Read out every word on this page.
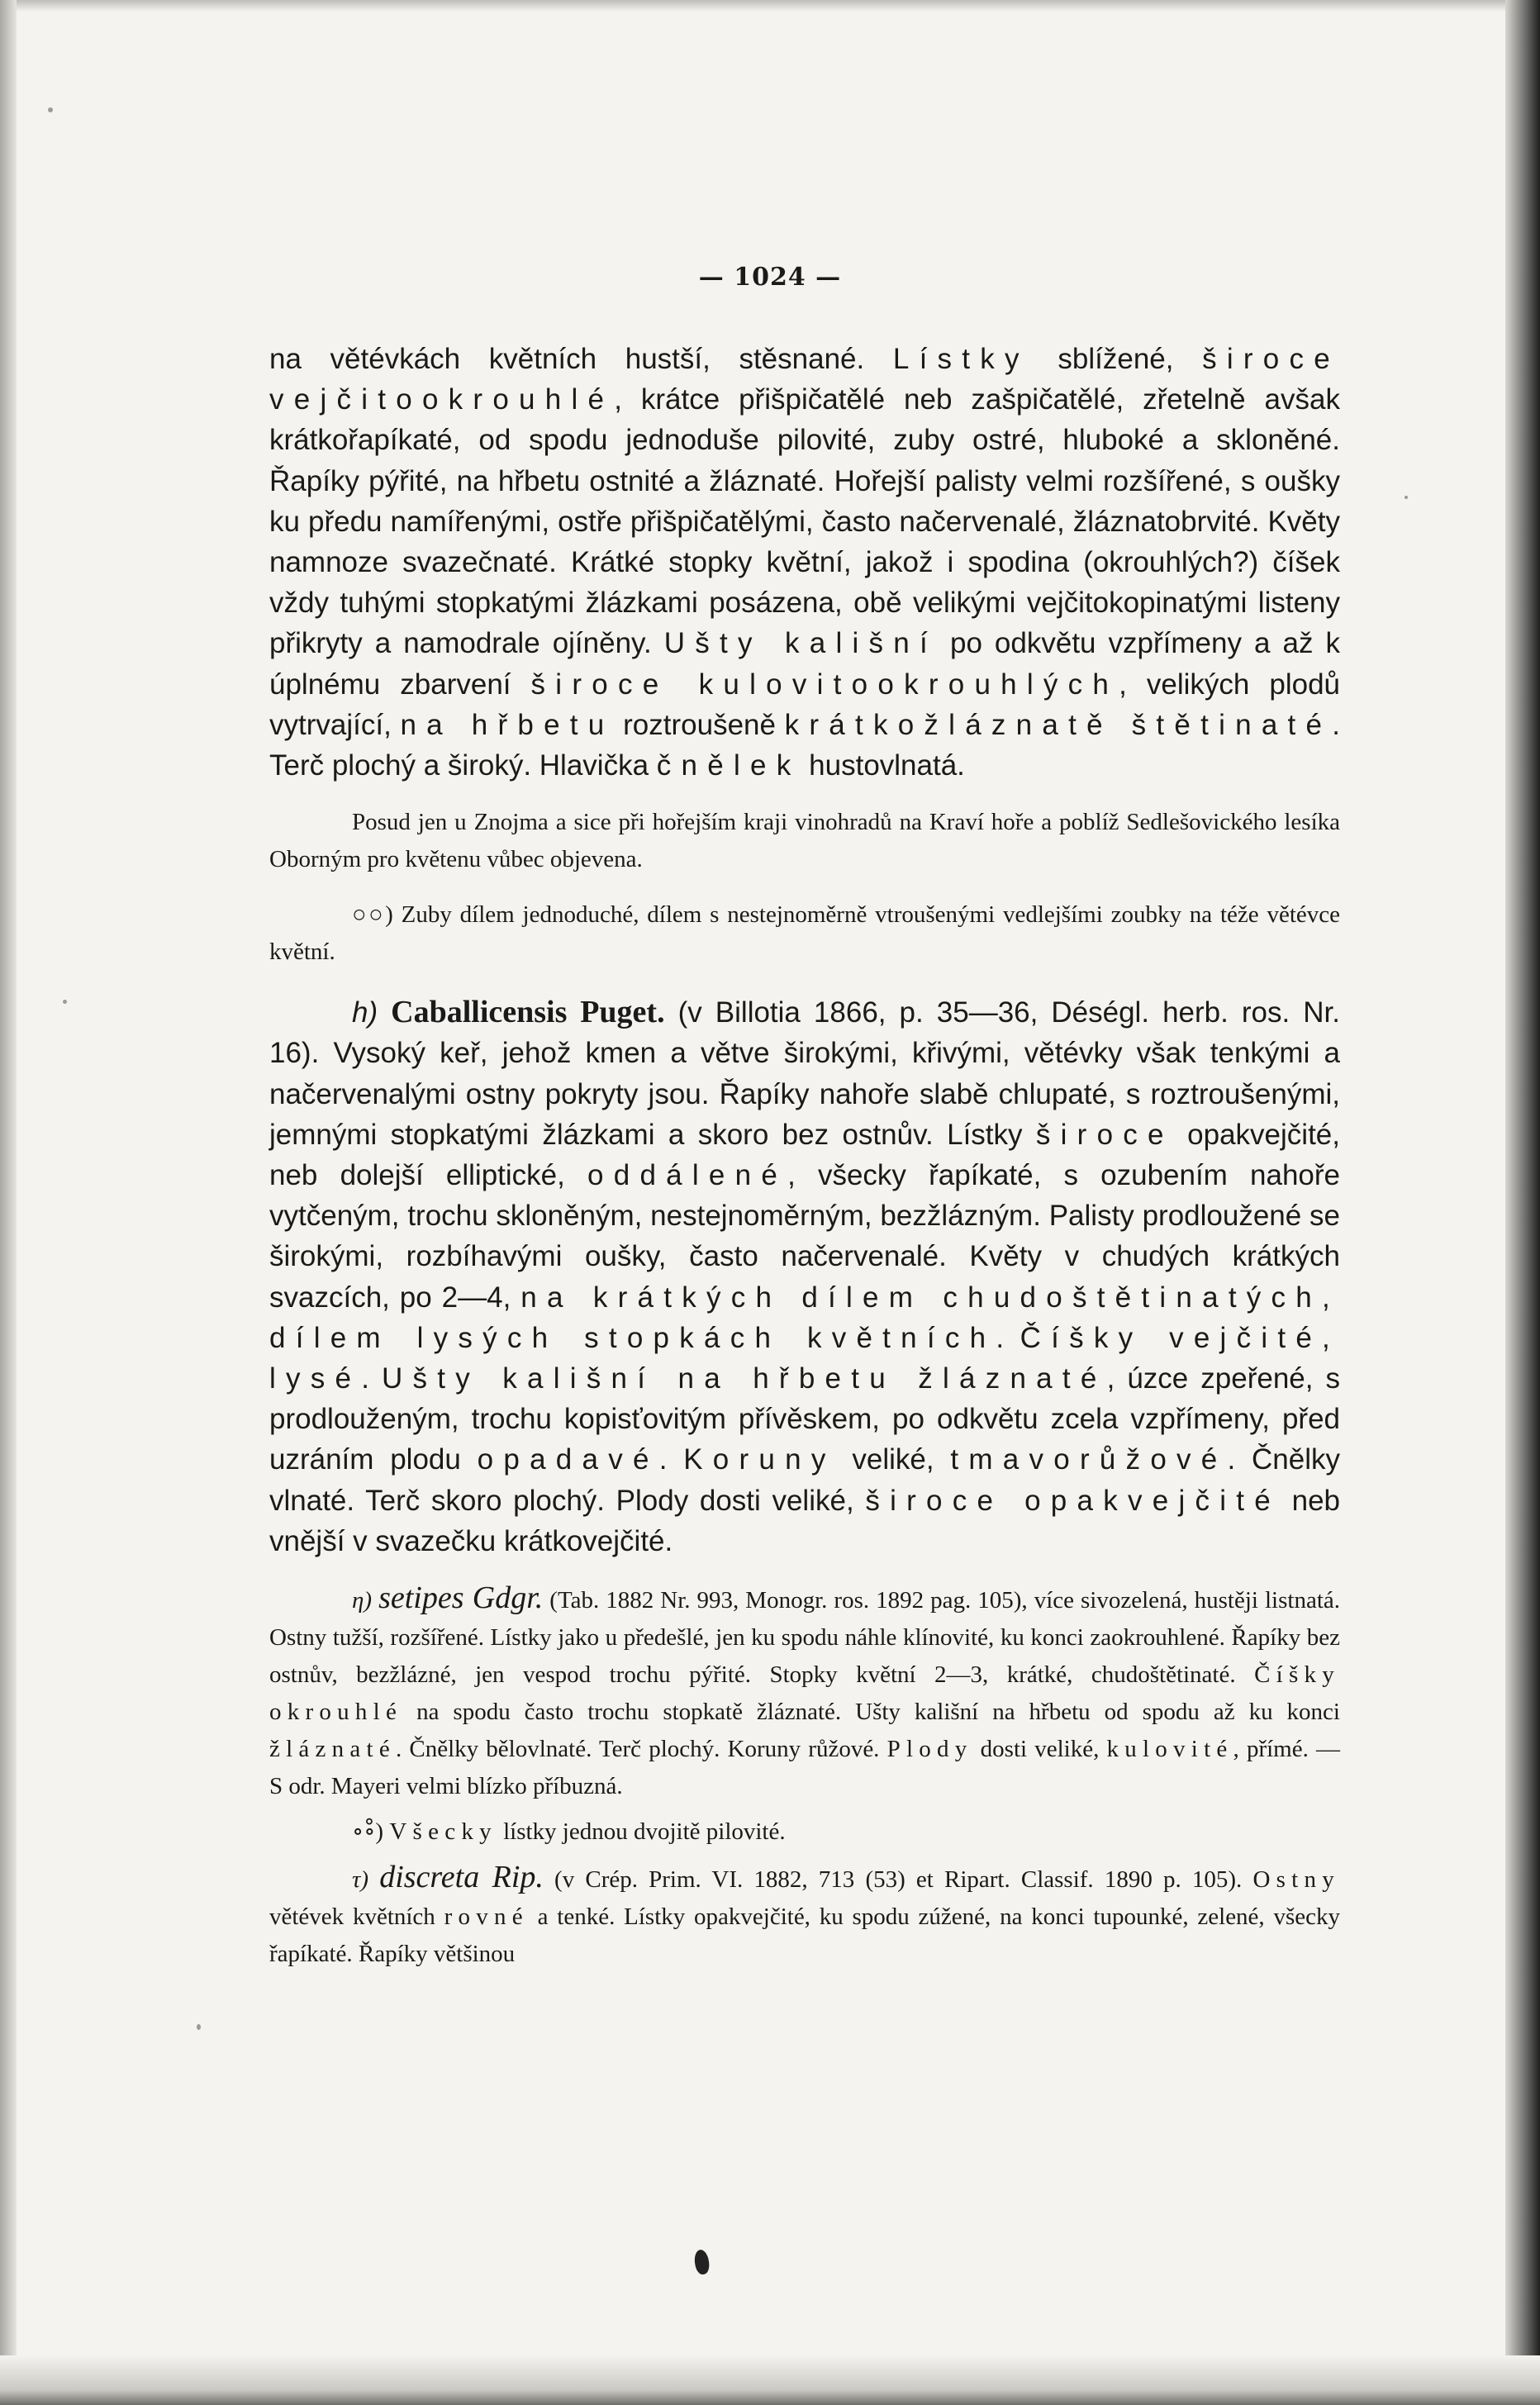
— 1024 —

na větévkách květních hustší, stěsnané. Lístky sblížené, široce vejčitookrouhlé, krátce přišpičatělé neb zašpičatělé, zřetelně avšak krátkořapíkaté, od spodu jednoduše pilovité, zuby ostré, hluboké a skloněné. Řapíky pýřité, na hřbetu ostnité a žláznaté. Hořejší palisty velmi rozšířené, s oušky ku předu namířenými, ostře přišpičatělými, často načervenalé, žláznatobrvité. Květy namnoze svazečnaté. Krátké stopky květní, jakož i spodina (okrouhlých?) číšek vždy tuhými stopkatými žlázkami posázena, obě velikými vejčitokopinatými listeny přikryty a namodrale ojíněny. Ušty kališní po odkvětu vzpřímeny a až k úplnému zbarvení široce kulovitookrouhlých, velikých plodů vytrvající, na hřbetu roztroušeně krátkožláznatě štětinaté. Terč plochý a široký. Hlavička čnělek hustovlnatá.

Posud jen u Znojma a sice při hořejším kraji vinohradů na Kraví hoře a poblíž Sedlešovického lesíka Oborným pro květenu vůbec objevena.

○○) Zuby dílem jednoduché, dílem s nestejnoměrně vtroušenými vedlejšími zoubky na téže větévce květní.

h) Caballicensis Puget. (v Billotia 1866, p. 35—36, Déségl. herb. ros. Nr. 16). Vysoký keř, jehož kmen a větve širokými, křivými, větévky však tenkými a načervenalými ostny pokryty jsou. Řapíky nahoře slabě chlupaté, s roztroušenými, jemnými stopkatými žlázkami a skoro bez ostnův. Lístky široce opakvejčité, neb dolejší elliptické, oddálené, všecky řapíkaté, s ozubením nahoře vytčeným, trochu skloněným, nestejnoměrným, bezžlázným. Palisty prodloužené se širokými, rozbíhavými oušky, často načervenalé. Květy v chudých krátkých svazcích, po 2—4, na krátkých dílem chudoštětinatých, dílem lysých stopkách květních. Číšky vejčité, lysé. Ušty kališní na hřbetu žláznaté, úzce zpeřené, s prodlouženým, trochu kopisťovitým přívěskem, po odkvětu zcela vzpřímeny, před uzráním plodu opadavé. Koruny veliké, tmavorůžové. Čnělky vlnaté. Terč skoro plochý. Plody dosti veliké, široce opakvejčité neb vnější v svazečku krátkovejčité.

η) setipes Gdgr. (Tab. 1882 Nr. 993, Monogr. ros. 1892 pag. 105), více sivozelená, hustěji listnatá. Ostny tužší, rozšířené. Lístky jako u předešlé, jen ku spodu náhle klínovité, ku konci zaokrouhlené. Řapíky bez ostnův, bezžlázné, jen vespod trochu pýřité. Stopky květní 2—3, krátké, chudoštětinaté. Číšky okrouhlé na spodu často trochu stopkatě žláznaté. Ušty kališní na hřbetu od spodu až ku konci žláznaté. Čnělky bělovlnaté. Terč plochý. Koruny růžové. Plody dosti veliké, kulovité, přímé. — S odr. Mayeri velmi blízko příbuzná.

∘∘̊) Všecky lístky jednou dvojitě pilovité.

τ) discreta Rip. (v Crép. Prim. VI. 1882, 713 (53) et Ripart. Classif. 1890 p. 105). Ostny větévek květních rovné a tenké. Lístky opakvejčité, ku spodu zúžené, na konci tupounké, zelené, všecky řapíkaté. Řapíky většinou
